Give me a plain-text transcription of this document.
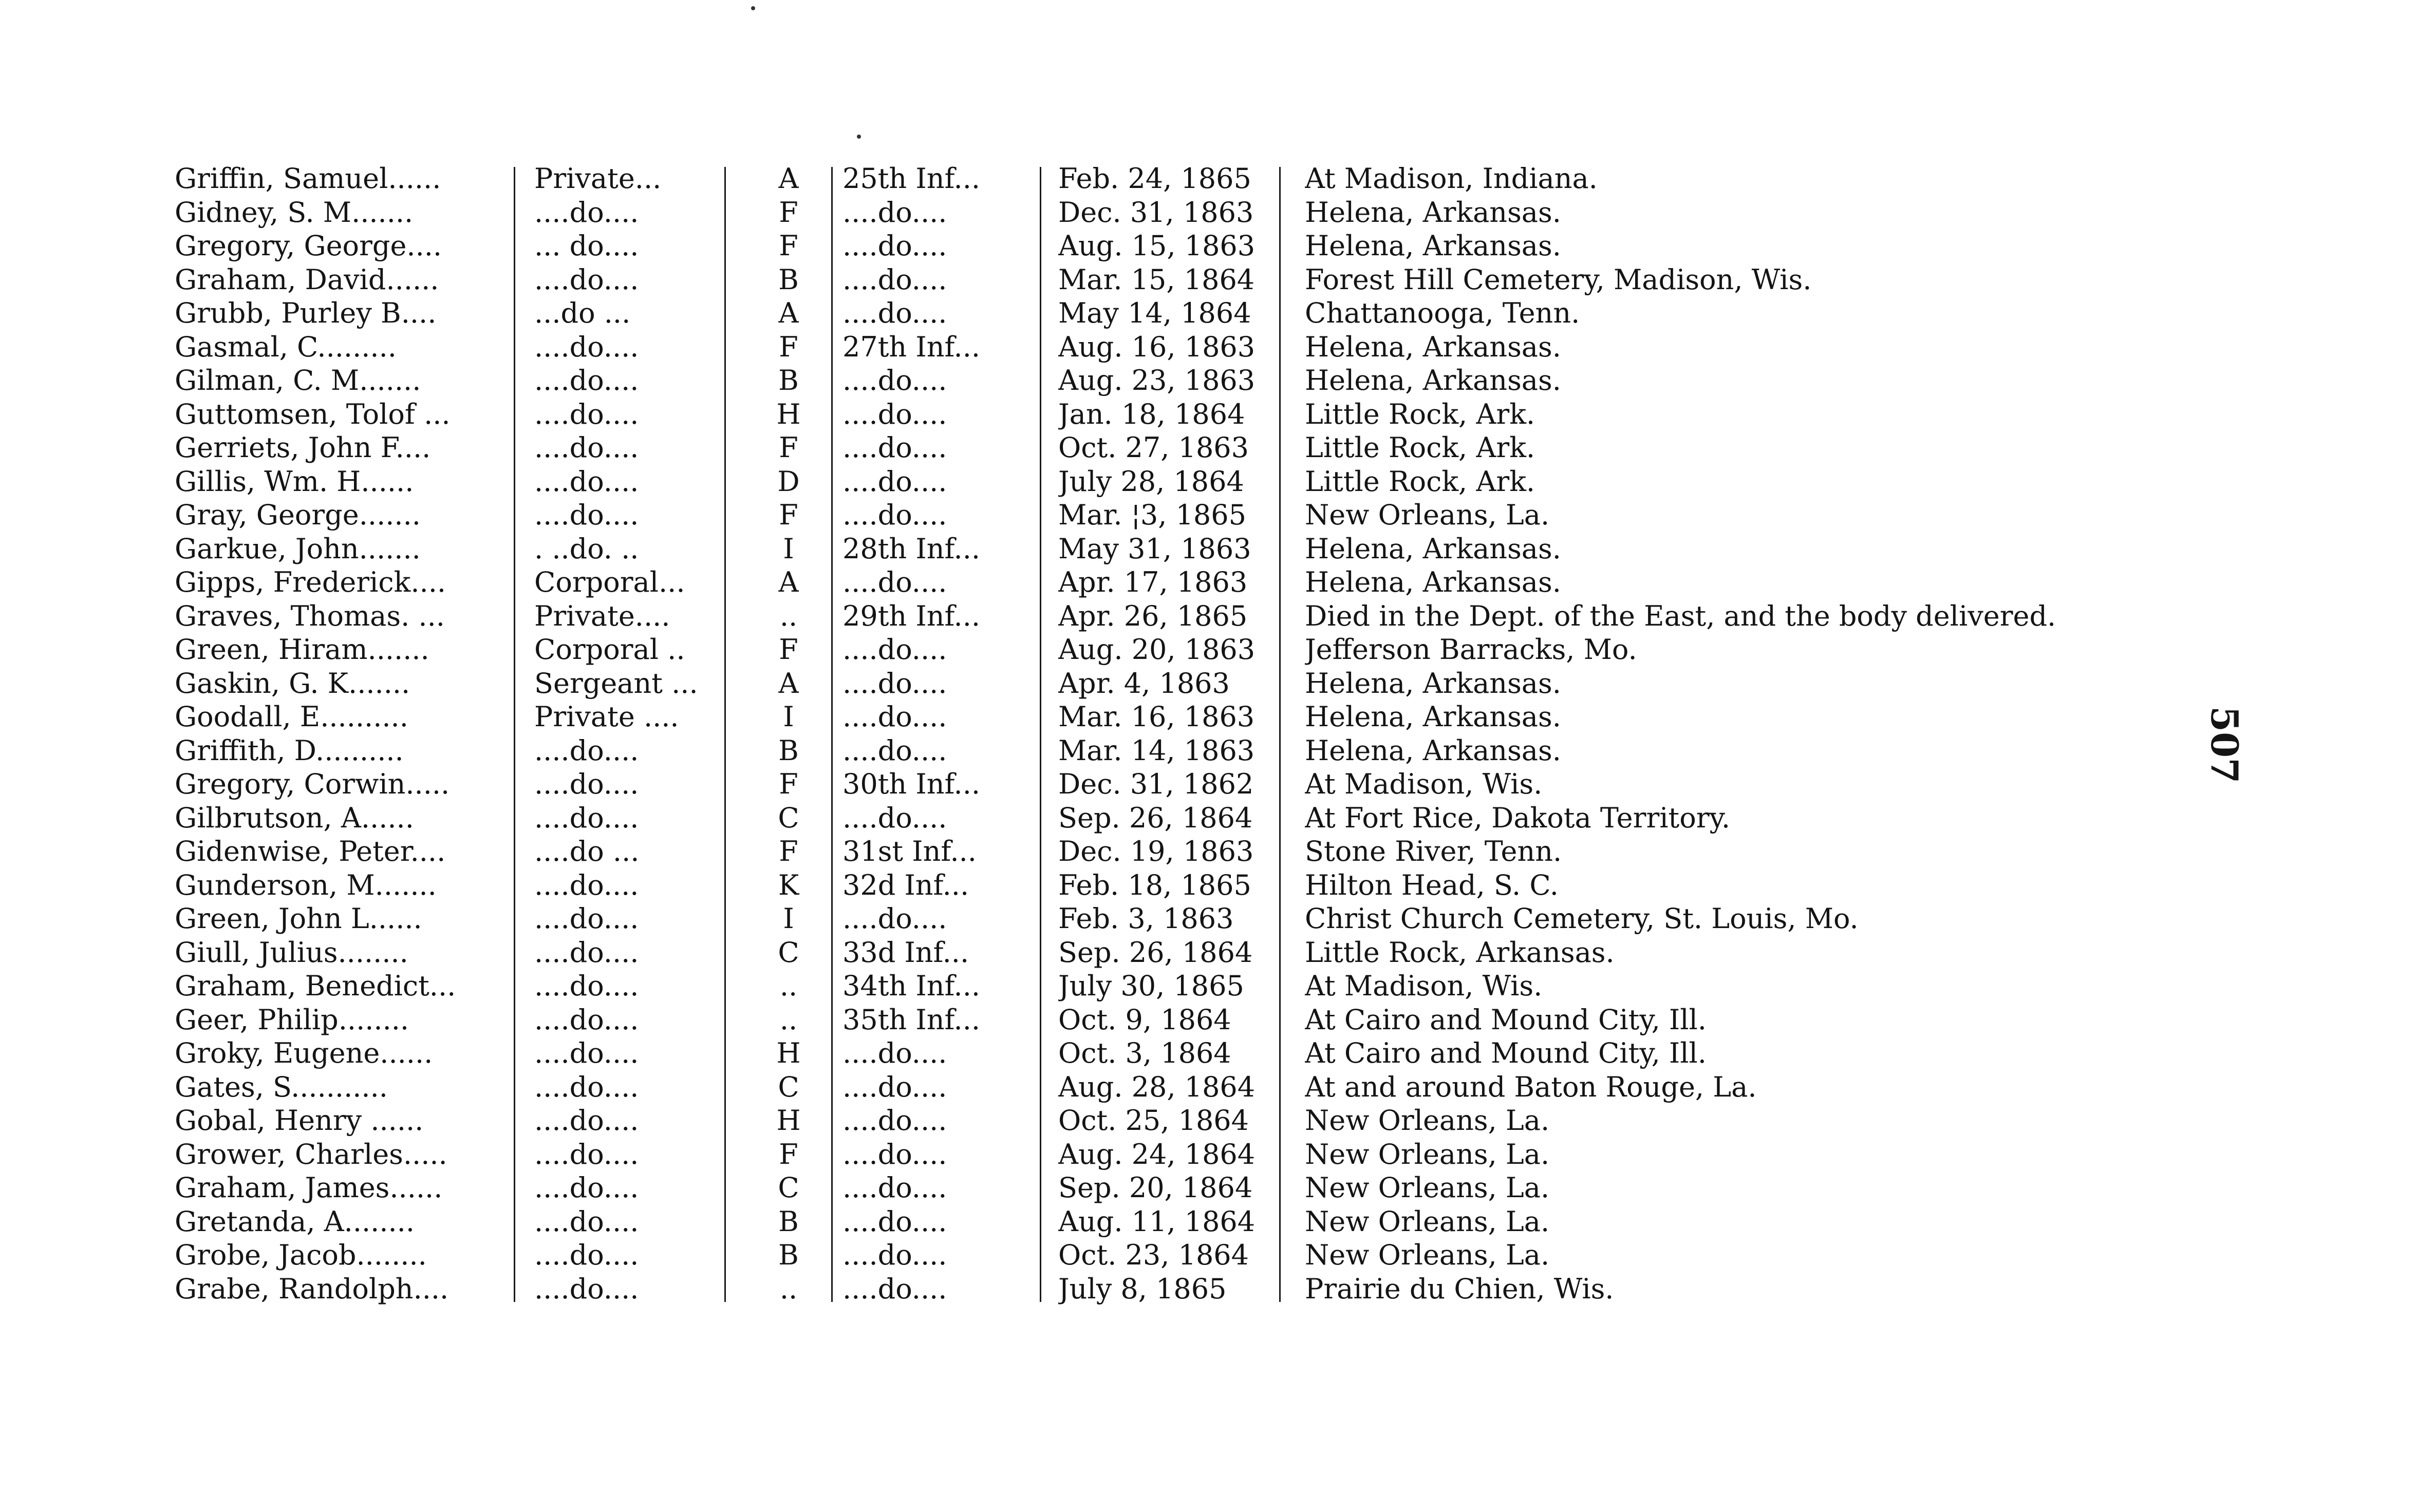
Griffin, Samuel......	Private...	A	25th Inf...	Feb. 24, 1865	At Madison, Indiana.
Gidney, S. M.......	....do....	F	....do....	Dec. 31, 1863	Helena, Arkansas.
Gregory, George....	... do....	F	....do....	Aug. 15, 1863	Helena, Arkansas.
Graham, David......	....do....	B	....do....	Mar. 15, 1864	Forest Hill Cemetery, Madison, Wis.
Grubb, Purley B....	...do ...	A	....do....	May 14, 1864	Chattanooga, Tenn.
Gasmal, C.........	....do....	F	27th Inf...	Aug. 16, 1863	Helena, Arkansas.
Gilman, C. M.......	....do....	B	....do....	Aug. 23, 1863	Helena, Arkansas.
Guttomsen, Tolof ...	....do....	H	....do....	Jan. 18, 1864	Little Rock, Ark.
Gerriets, John F....	....do....	F	....do....	Oct. 27, 1863	Little Rock, Ark.
Gillis, Wm. H......	....do....	D	....do....	July 28, 1864	Little Rock, Ark.
Gray, George.......	....do....	F	....do....	Mar. ¦3, 1865	New Orleans, La.
Garkue, John.......	. ..do. ..	I	28th Inf...	May 31, 1863	Helena, Arkansas.
Gipps, Frederick....	Corporal...	A	....do....	Apr. 17, 1863	Helena, Arkansas.
Graves, Thomas. ...	Private....	..	29th Inf...	Apr. 26, 1865	Died in the Dept. of the East, and the body delivered.
Green, Hiram.......	Corporal ..	F	....do....	Aug. 20, 1863	Jefferson Barracks, Mo.
Gaskin, G. K.......	Sergeant ...	A	....do....	Apr. 4, 1863	Helena, Arkansas.
Goodall, E..........	Private ....	I	....do....	Mar. 16, 1863	Helena, Arkansas.
Griffith, D..........	....do....	B	....do....	Mar. 14, 1863	Helena, Arkansas.
Gregory, Corwin.....	....do....	F	30th Inf...	Dec. 31, 1862	At Madison, Wis.
Gilbrutson, A......	....do....	C	....do....	Sep. 26, 1864	At Fort Rice, Dakota Territory.
Gidenwise, Peter....	....do ...	F	31st Inf...	Dec. 19, 1863	Stone River, Tenn.
Gunderson, M.......	....do....	K	32d Inf...	Feb. 18, 1865	Hilton Head, S. C.
Green, John L......	....do....	I	....do....	Feb. 3, 1863	Christ Church Cemetery, St. Louis, Mo.
Giull, Julius........	....do....	C	33d Inf...	Sep. 26, 1864	Little Rock, Arkansas.
Graham, Benedict...	....do....	..	34th Inf...	July 30, 1865	At Madison, Wis.
Geer, Philip........	....do....	..	35th Inf...	Oct. 9, 1864	At Cairo and Mound City, Ill.
Groky, Eugene......	....do....	H	....do....	Oct. 3, 1864	At Cairo and Mound City, Ill.
Gates, S...........	....do....	C	....do....	Aug. 28, 1864	At and around Baton Rouge, La.
Gobal, Henry ......	....do....	H	....do....	Oct. 25, 1864	New Orleans, La.
Grower, Charles.....	....do....	F	....do....	Aug. 24, 1864	New Orleans, La.
Graham, James......	....do....	C	....do....	Sep. 20, 1864	New Orleans, La.
Gretanda, A........	....do....	B	....do....	Aug. 11, 1864	New Orleans, La.
Grobe, Jacob........	....do....	B	....do....	Oct. 23, 1864	New Orleans, La.
Grabe, Randolph....	....do....	..	....do....	July 8, 1865	Prairie du Chien, Wis.
507
